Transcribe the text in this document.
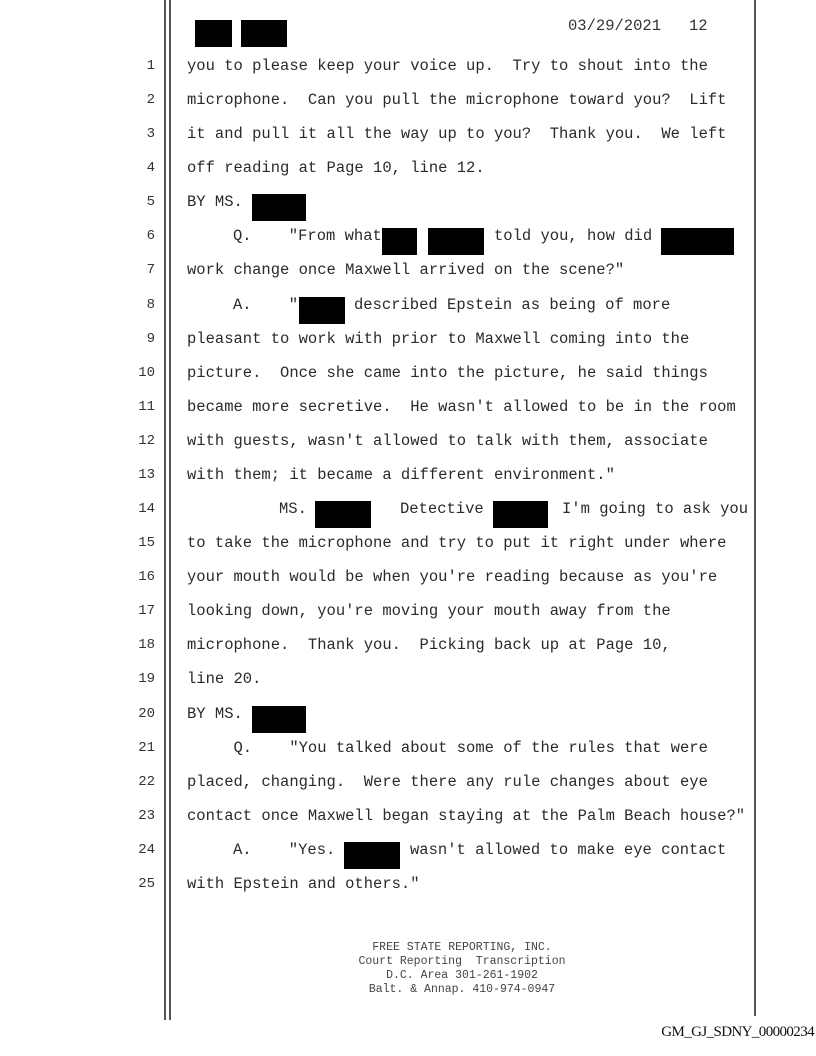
03/29/2021 12
1 you to please keep your voice up.  Try to shout into the
2 microphone.  Can you pull the microphone toward you?  Lift
3 it and pull it all the way up to you?  Thank you.  We left
4 off reading at Page 10, line 12.
5 BY MS.
6	Q.    "From what	told you, how did
7 work change once Maxwell arrived on the scene?"
8	A.    "	described Epstein as being of more
9 pleasant to work with prior to Maxwell coming into the
10 picture.  Once she came into the picture, he said things
11 became more secretive.  He wasn't allowed to be in the room
12 with guests, wasn't allowed to talk with them, associate
13 with them; it became a different environment."
14	MS.	Detective	I'm going to ask you
15 to take the microphone and try to put it right under where
16 your mouth would be when you're reading because as you're
17 looking down, you're moving your mouth away from the
18 microphone.  Thank you.  Picking back up at Page 10,
19 line 20.
20 BY MS.
21 Q.    "You talked about some of the rules that were
22 placed, changing.  Were there any rule changes about eye
23 contact once Maxwell began staying at the Palm Beach house?"
24	A.    "Yes.	wasn't allowed to make eye contact
25 with Epstein and others."
FREE STATE REPORTING, INC.
Court Reporting  Transcription
D.C. Area 301-261-1902
Balt. & Annap. 410-974-0947
GM_GJ_SDNY_00000234
